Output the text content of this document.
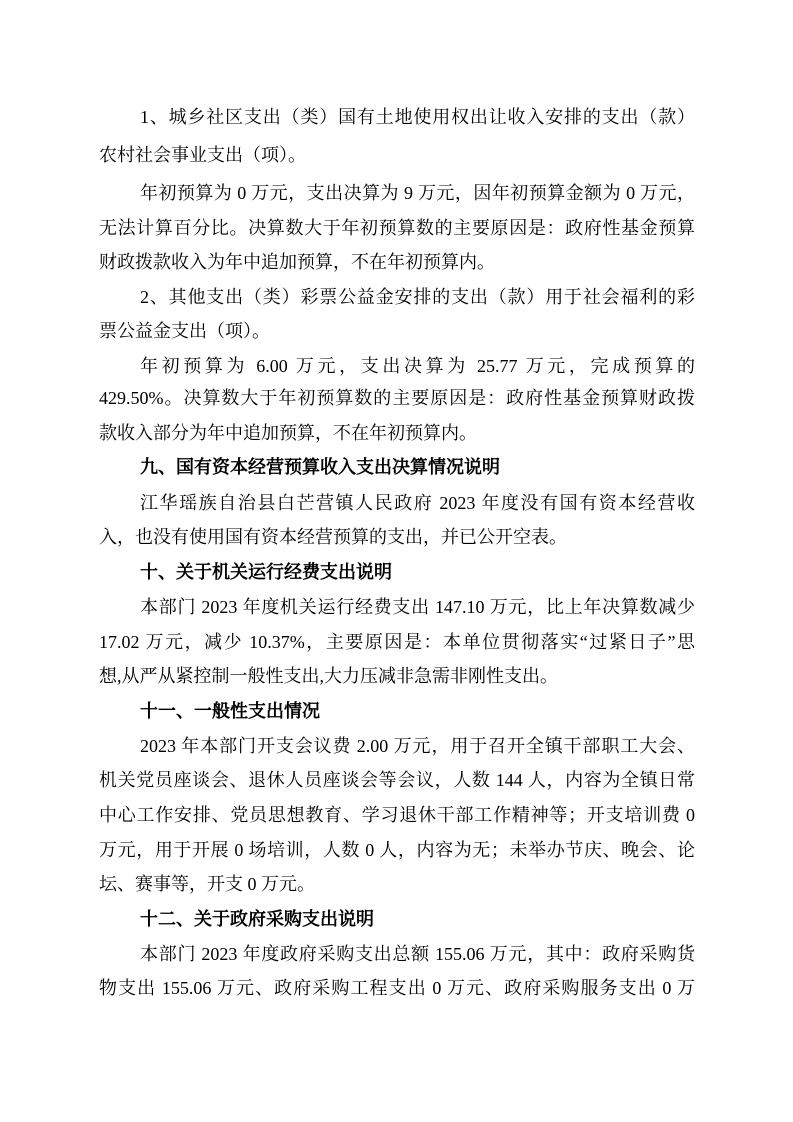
1、城乡社区支出（类）国有土地使用权出让收入安排的支出（款）
农村社会事业支出（项）。
年初预算为 0 万元，支出决算为 9 万元，因年初预算金额为 0 万元，
无法计算百分比。决算数大于年初预算数的主要原因是：政府性基金预算
财政拨款收入为年中追加预算，不在年初预算内。
2、其他支出（类）彩票公益金安排的支出（款）用于社会福利的彩
票公益金支出（项）。
年初预算为 6.00 万元，支出决算为 25.77 万元，完成预算的
429.50%。决算数大于年初预算数的主要原因是：政府性基金预算财政拨
款收入部分为年中追加预算，不在年初预算内。
九、国有资本经营预算收入支出决算情况说明
江华瑶族自治县白芒营镇人民政府 2023 年度没有国有资本经营收
入，也没有使用国有资本经营预算的支出，并已公开空表。
十、关于机关运行经费支出说明
本部门 2023 年度机关运行经费支出 147.10 万元，比上年决算数减少
17.02 万元，减少 10.37%，主要原因是：本单位贯彻落实“过紧日子”思
想,从严从紧控制一般性支出,大力压减非急需非刚性支出。
十一、一般性支出情况
2023 年本部门开支会议费 2.00 万元，用于召开全镇干部职工大会、
机关党员座谈会、退休人员座谈会等会议，人数 144 人，内容为全镇日常
中心工作安排、党员思想教育、学习退休干部工作精神等；开支培训费 0
万元，用于开展 0 场培训，人数 0 人，内容为无；未举办节庆、晚会、论
坛、赛事等，开支 0 万元。
十二、关于政府采购支出说明
本部门 2023 年度政府采购支出总额 155.06 万元，其中：政府采购货
物支出 155.06 万元、政府采购工程支出 0 万元、政府采购服务支出 0 万
